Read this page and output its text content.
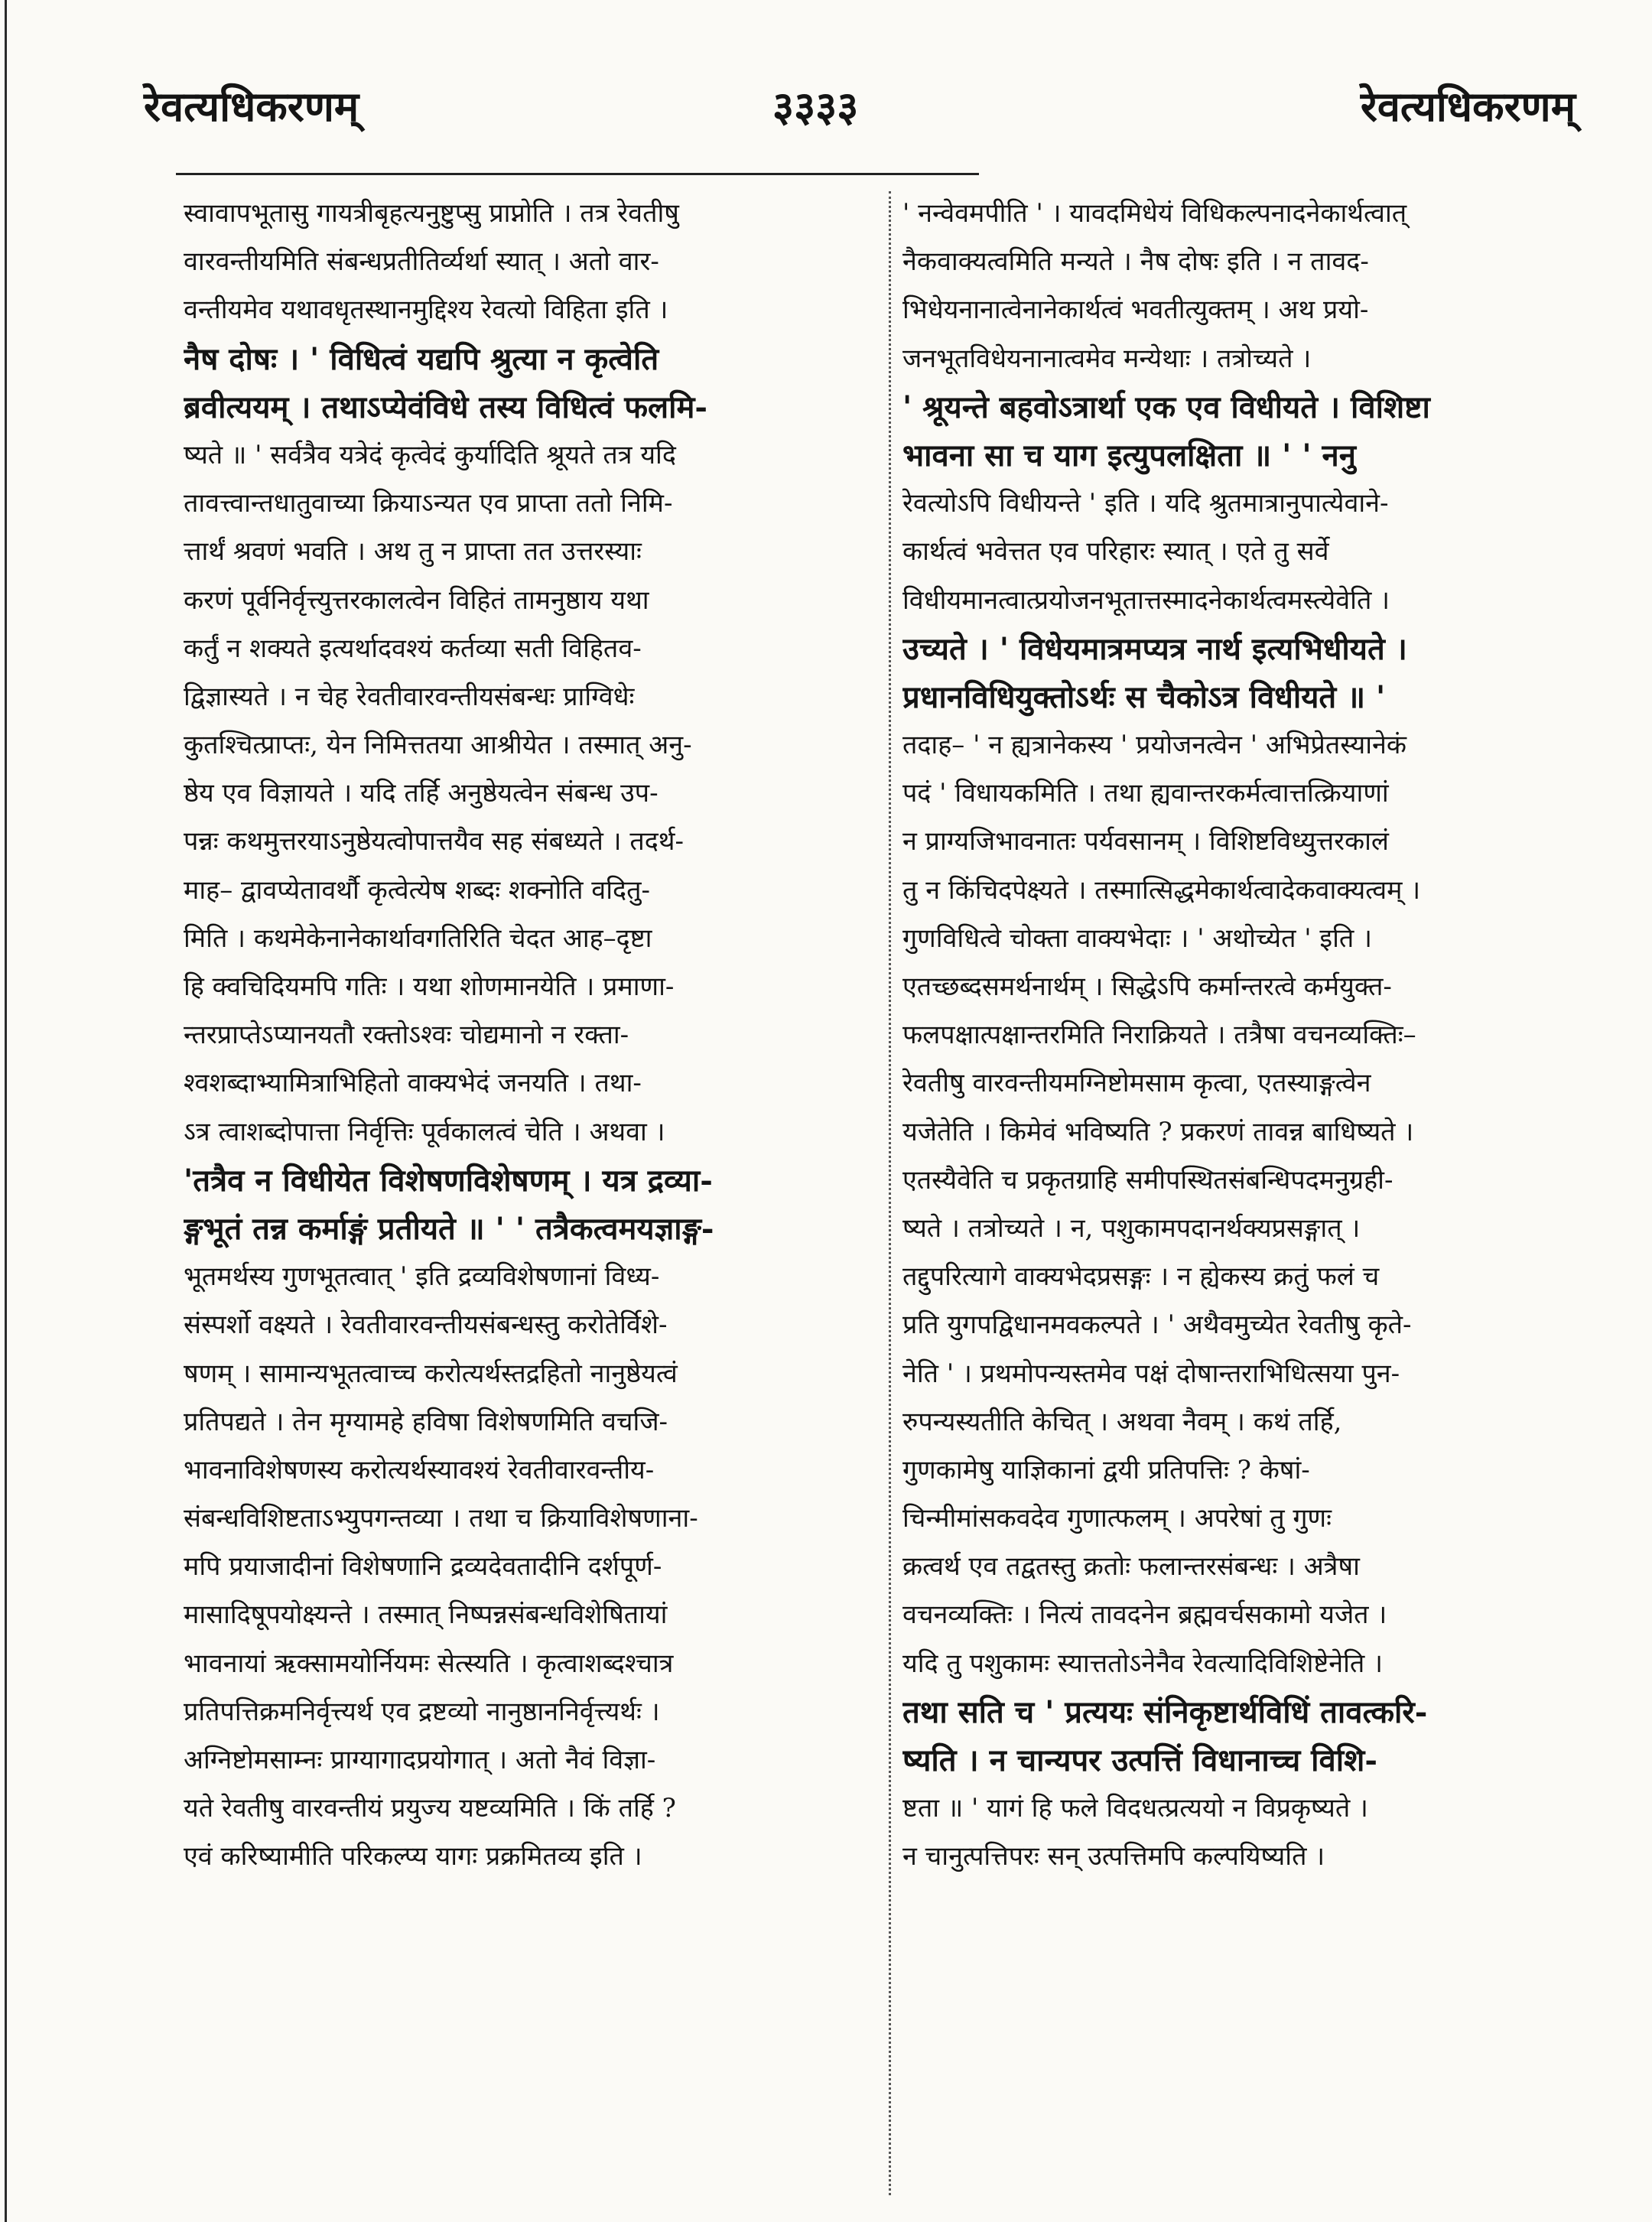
रेवत्यधिकरणम्	३३३३	रेवत्यधिकरणम्
स्वावापभूतासु गायत्रीबृहत्यनुष्टुप्सु प्राप्नोति । तत्र रेवतीषु
वारवन्तीयमिति संबन्धप्रतीतिर्व्यर्था स्यात् । अतो वार-
वन्तीयमेव यथावधृतस्थानमुद्दिश्य रेवत्यो विहिता इति ।
नैष दोषः । ' विधित्वं यद्यपि श्रुत्या न कृत्वेति
ब्रवीत्ययम् । तथाऽप्येवंविधे तस्य विधित्वं फलमि-
ष्यते ॥ ' सर्वत्रैव यत्रेदं कृत्वेदं कुर्यादिति श्रूयते तत्र यदि
तावत्त्वान्तधातुवाच्या क्रियाऽन्यत एव प्राप्ता ततो निमि-
त्तार्थं श्रवणं भवति । अथ तु न प्राप्ता तत उत्तरस्याः
करणं पूर्वनिर्वृत्त्युत्तरकालत्वेन विहितं तामनुष्ठाय यथा
कर्तुं न शक्यते इत्यर्थादवश्यं कर्तव्या सती विहितव-
द्विज्ञास्यते । न चेह रेवतीवारवन्तीयसंबन्धः प्राग्विधेः
कुतश्चित्प्राप्तः, येन निमित्ततया आश्रीयेत । तस्मात् अनु-
ष्ठेय एव विज्ञायते । यदि तर्हि अनुष्ठेयत्वेन संबन्ध उप-
पन्नः कथमुत्तरयाऽनुष्ठेयत्वोपात्तयैव सह संबध्यते । तदर्थ-
माह– द्वावप्येतावर्थौ कृत्वेत्येष शब्दः शक्नोति वदितु-
मिति । कथमेकेनानेकार्थावगतिरिति चेदत आह–दृष्टा
हि क्वचिदियमपि गतिः । यथा शोणमानयेति । प्रमाणा-
न्तरप्राप्तेऽप्यानयतौ रक्तोऽश्वः चोद्यमानो न रक्ता-
श्वशब्दाभ्यामित्राभिहितो वाक्यभेदं जनयति । तथा-
ऽत्र त्वाशब्दोपात्ता निर्वृत्तिः पूर्वकालत्वं चेति । अथवा ।
'तत्रैव न विधीयेत विशेषणविशेषणम् । यत्र द्रव्या-
ङ्गभूतं तन्न कर्माङ्गं प्रतीयते ॥ ' ' तत्रैकत्वमयज्ञाङ्ग-
भूतमर्थस्य गुणभूतत्वात् ' इति द्रव्यविशेषणानां विध्य-
संस्पर्शो वक्ष्यते । रेवतीवारवन्तीयसंबन्धस्तु करोतेर्विशे-
षणम् । सामान्यभूतत्वाच्च करोत्यर्थस्तद्रहितो नानुष्ठेयत्वं
प्रतिपद्यते । तेन मृग्यामहे हविषा विशेषणमिति वचजि-
भावनाविशेषणस्य करोत्यर्थस्यावश्यं रेवतीवारवन्तीय-
संबन्धविशिष्टताऽभ्युपगन्तव्या । तथा च क्रियाविशेषणाना-
मपि प्रयाजादीनां विशेषणानि द्रव्यदेवतादीनि दर्शपूर्ण-
मासादिषूपयोक्ष्यन्ते । तस्मात् निष्पन्नसंबन्धविशेषितायां
भावनायां ऋक्सामयोर्नियमः सेत्स्यति । कृत्वाशब्दश्चात्र
प्रतिपत्तिक्रमनिर्वृत्त्यर्थ एव द्रष्टव्यो नानुष्ठाननिर्वृत्त्यर्थः ।
अग्निष्टोमसाम्नः प्राग्यागादप्रयोगात् । अतो नैवं विज्ञा-
यते रेवतीषु वारवन्तीयं प्रयुज्य यष्टव्यमिति । किं तर्हि ?
एवं करिष्यामीति परिकल्प्य यागः प्रक्रमितव्य इति ।
' नन्वेवमपीति ' । यावदमिधेयं विधिकल्पनादनेकार्थत्वात्
नैकवाक्यत्वमिति मन्यते । नैष दोषः इति । न तावद-
भिधेयनानात्वेनानेकार्थत्वं भवतीत्युक्तम् । अथ प्रयो-
जनभूतविधेयनानात्वमेव मन्येथाः । तत्रोच्यते ।
' श्रूयन्ते बहवोऽत्रार्था एक एव विधीयते । विशिष्टा
भावना सा च याग इत्युपलक्षिता ॥ ' ' ननु
रेवत्योऽपि विधीयन्ते ' इति । यदि श्रुतमात्रानुपात्येवाने-
कार्थत्वं भवेत्तत एव परिहारः स्यात् । एते तु सर्वे
विधीयमानत्वात्प्रयोजनभूतात्तस्मादनेकार्थत्वमस्त्येवेति ।
उच्यते । ' विधेयमात्रमप्यत्र नार्थ इत्यभिधीयते ।
प्रधानविधियुक्तोऽर्थः स चैकोऽत्र विधीयते ॥ '
तदाह– ' न ह्यत्रानेकस्य ' प्रयोजनत्वेन ' अभिप्रेतस्यानेकं
पदं ' विधायकमिति । तथा ह्यवान्तरकर्मत्वात्तत्क्रियाणां
न प्राग्यजिभावनातः पर्यवसानम् । विशिष्टविध्युत्तरकालं
तु न किंचिदपेक्ष्यते । तस्मात्सिद्धमेकार्थत्वादेकवाक्यत्वम् ।
गुणविधित्वे चोक्ता वाक्यभेदाः । ' अथोच्येत ' इति ।
एतच्छब्दसमर्थनार्थम् । सिद्धेऽपि कर्मान्तरत्वे कर्मयुक्त-
फलपक्षात्पक्षान्तरमिति निराक्रियते । तत्रैषा वचनव्यक्तिः–
रेवतीषु वारवन्तीयमग्निष्टोमसाम कृत्वा, एतस्याङ्गत्वेन
यजेतेति । किमेवं भविष्यति ? प्रकरणं तावन्न बाधिष्यते ।
एतस्यैवेति च प्रकृतग्राहि समीपस्थितसंबन्धिपदमनुग्रही-
ष्यते । तत्रोच्यते । न, पशुकामपदानर्थक्यप्रसङ्गात् ।
तद्दुपरित्यागे वाक्यभेदप्रसङ्गः । न ह्येकस्य क्रतुं फलं च
प्रति युगपद्विधानमवकल्पते । ' अथैवमुच्येत रेवतीषु कृते-
नेति ' । प्रथमोपन्यस्तमेव पक्षं दोषान्तराभिधित्सया पुन-
रुपन्यस्यतीति केचित् । अथवा नैवम् । कथं तर्हि,
गुणकामेषु याज्ञिकानां द्वयी प्रतिपत्तिः ? केषां-
चिन्मीमांसकवदेव गुणात्फलम् । अपरेषां तु गुणः
क्रत्वर्थ एव तद्वतस्तु क्रतोः फलान्तरसंबन्धः । अत्रैषा
वचनव्यक्तिः । नित्यं तावदनेन ब्रह्मवर्चसकामो यजेत ।
यदि तु पशुकामः स्यात्ततोऽनेनैव रेवत्यादिविशिष्टेनेति ।
तथा सति च ' प्रत्ययः संनिकृष्टार्थविधिं तावत्करि-
ष्यति । न चान्यपर उत्पत्तिं विधानाच्च विशि-
ष्टता ॥ ' यागं हि फले विदधत्प्रत्ययो न विप्रकृष्यते ।
न चानुत्पत्तिपरः सन् उत्पत्तिमपि कल्पयिष्यति ।
